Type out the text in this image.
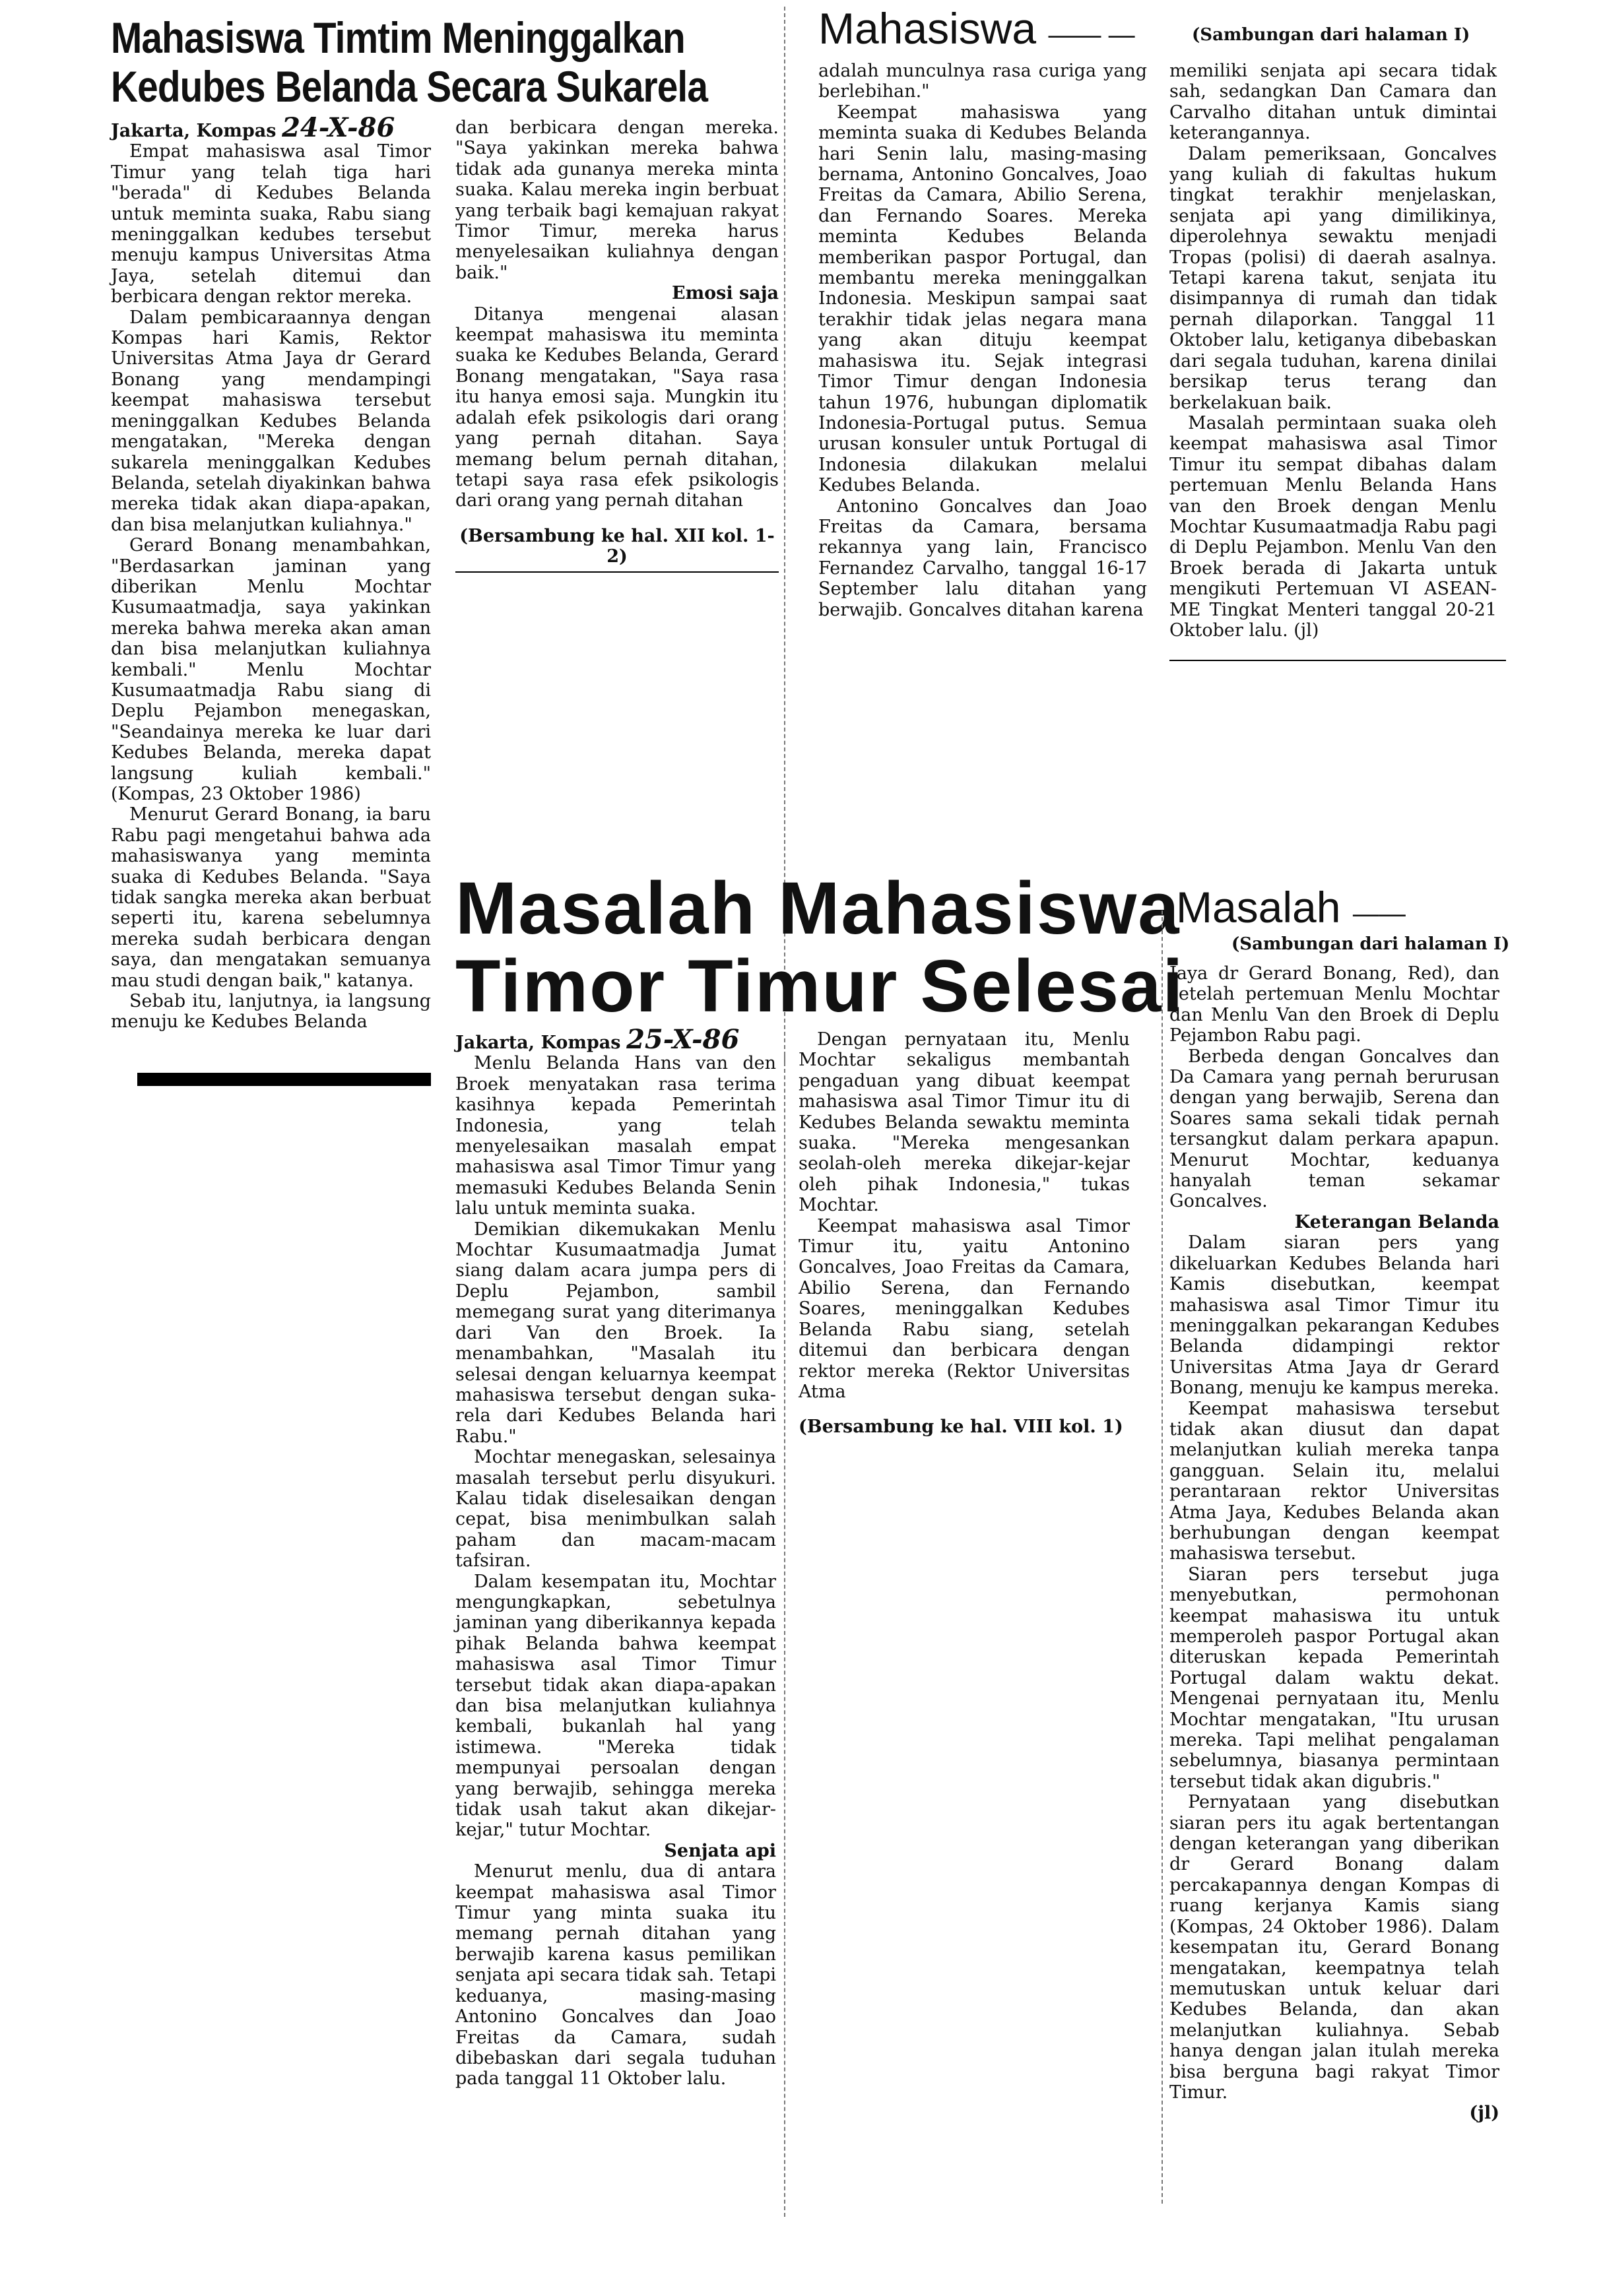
Mahasiswa Timtim Meninggalkan
Kedubes Belanda Secara Sukarela
Jakarta, Kompas 24-X-86

Empat mahasiswa asal Timor Timur yang telah tiga hari "berada" di Kedubes Belanda untuk meminta suaka, Rabu siang meninggalkan kedubes tersebut menuju kampus Universitas Atma Jaya, setelah ditemui dan berbicara dengan rektor mereka.

Dalam pembicaraannya dengan Kompas hari Kamis, Rektor Universitas Atma Jaya dr Gerard Bonang yang mendampingi keempat mahasiswa tersebut meninggalkan Kedubes Belanda mengatakan, "Mereka dengan sukarela meninggalkan Kedubes Belanda, setelah diyakinkan bahwa mereka tidak akan diapa-apakan, dan bisa melanjutkan kuliahnya."

Gerard Bonang menambahkan, "Berdasarkan jaminan yang diberikan Menlu Mochtar Kusumaatmadja, saya yakinkan mereka bahwa mereka akan aman dan bisa melanjutkan kuliahnya kembali." Menlu Mochtar Kusumaatmadja Rabu siang di Deplu Pejambon menegaskan, "Seandainya mereka ke luar dari Kedubes Belanda, mereka dapat langsung kuliah kembali." (Kompas, 23 Oktober 1986)

Menurut Gerard Bonang, ia baru Rabu pagi mengetahui bahwa ada mahasiswanya yang meminta suaka di Kedubes Belanda. "Saya tidak sangka mereka akan berbuat seperti itu, karena sebelumnya mereka sudah berbicara dengan saya, dan mengatakan semuanya mau studi dengan baik," katanya.

Sebab itu, lanjutnya, ia langsung menuju ke Kedubes Belanda

dan berbicara dengan mereka. "Saya yakinkan mereka bahwa tidak ada gunanya mereka minta suaka. Kalau mereka ingin berbuat yang terbaik bagi kemajuan rakyat Timor Timur, mereka harus menyelesaikan kuliahnya dengan baik."

Emosi saja

Ditanya mengenai alasan keempat mahasiswa itu meminta suaka ke Kedubes Belanda, Gerard Bonang mengatakan, "Saya rasa itu hanya emosi saja. Mungkin itu adalah efek psikologis dari orang yang pernah ditahan. Saya memang belum pernah ditahan, tetapi saya rasa efek psikologis dari orang yang pernah ditahan

(Bersambung ke hal. XII kol. 1-2)

Mahasiswa —— —	(Sambungan dari halaman I)

adalah munculnya rasa curiga yang berlebihan."

Keempat mahasiswa yang meminta suaka di Kedubes Belanda hari Senin lalu, masing-masing bernama, Antonino Goncalves, Joao Freitas da Camara, Abilio Serena, dan Fernando Soares. Mereka meminta Kedubes Belanda memberikan paspor Portugal, dan membantu mereka meninggalkan Indonesia. Meskipun sampai saat terakhir tidak jelas negara mana yang akan dituju keempat mahasiswa itu. Sejak integrasi Timor Timur dengan Indonesia tahun 1976, hubungan diplomatik Indonesia-Portugal putus. Semua urusan konsuler untuk Portugal di Indonesia dilakukan melalui Kedubes Belanda.

Antonino Goncalves dan Joao Freitas da Camara, bersama rekannya yang lain, Francisco Fernandez Carvalho, tanggal 16-17 September lalu ditahan yang berwajib. Goncalves ditahan karena

memiliki senjata api secara tidak sah, sedangkan Dan Camara dan Carvalho ditahan untuk dimintai keterangannya.

Dalam pemeriksaan, Goncalves yang kuliah di fakultas hukum tingkat terakhir menjelaskan, senjata api yang dimilikinya, diperolehnya sewaktu menjadi Tropas (polisi) di daerah asalnya. Tetapi karena takut, senjata itu disimpannya di rumah dan tidak pernah dilaporkan. Tanggal 11 Oktober lalu, ketiganya dibebaskan dari segala tuduhan, karena dinilai bersikap terus terang dan berkelakuan baik.

Masalah permintaan suaka oleh keempat mahasiswa asal Timor Timur itu sempat dibahas dalam pertemuan Menlu Belanda Hans van den Broek dengan Menlu Mochtar Kusumaatmadja Rabu pagi di Deplu Pejambon. Menlu Van den Broek berada di Jakarta untuk mengikuti Pertemuan VI ASEAN-ME Tingkat Menteri tanggal 20-21 Oktober lalu. (jl)

Masalah Mahasiswa
Timor Timur Selesai
Jakarta, Kompas 25-X-86

Menlu Belanda Hans van den Broek menyatakan rasa terima kasihnya kepada Pemerintah Indonesia, yang telah menyelesaikan masalah empat mahasiswa asal Timor Timur yang memasuki Kedubes Belanda Senin lalu untuk meminta suaka.

Demikian dikemukakan Menlu Mochtar Kusumaatmadja Jumat siang dalam acara jumpa pers di Deplu Pejambon, sambil memegang surat yang diterimanya dari Van den Broek. Ia menambahkan, "Masalah itu selesai dengan keluarnya keempat mahasiswa tersebut dengan suka-rela dari Kedubes Belanda hari Rabu."

Mochtar menegaskan, selesainya masalah tersebut perlu disyukuri. Kalau tidak diselesaikan dengan cepat, bisa menimbulkan salah paham dan macam-macam tafsiran.

Dalam kesempatan itu, Mochtar mengungkapkan, sebetulnya jaminan yang diberikannya kepada pihak Belanda bahwa keempat mahasiswa asal Timor Timur tersebut tidak akan diapa-apakan dan bisa melanjutkan kuliahnya kembali, bukanlah hal yang istimewa. "Mereka tidak mempunyai persoalan dengan yang berwajib, sehingga mereka tidak usah takut akan dikejar-kejar," tutur Mochtar.

Senjata api

Menurut menlu, dua di antara keempat mahasiswa asal Timor Timur yang minta suaka itu memang pernah ditahan yang berwajib karena kasus pemilikan senjata api secara tidak sah. Tetapi keduanya, masing-masing Antonino Goncalves dan Joao Freitas da Camara, sudah dibebaskan dari segala tuduhan pada tanggal 11 Oktober lalu.

Dengan pernyataan itu, Menlu Mochtar sekaligus membantah pengaduan yang dibuat keempat mahasiswa asal Timor Timur itu di Kedubes Belanda sewaktu meminta suaka. "Mereka mengesankan seolah-oleh mereka dikejar-kejar oleh pihak Indonesia," tukas Mochtar.

Keempat mahasiswa asal Timor Timur itu, yaitu Antonino Goncalves, Joao Freitas da Camara, Abilio Serena, dan Fernando Soares, meninggalkan Kedubes Belanda Rabu siang, setelah ditemui dan berbicara dengan rektor mereka (Rektor Universitas Atma

(Bersambung ke hal. VIII kol. 1)

Masalah ——
(Sambungan dari halaman I)

Jaya dr Gerard Bonang, Red), dan setelah pertemuan Menlu Mochtar dan Menlu Van den Broek di Deplu Pejambon Rabu pagi.

Berbeda dengan Goncalves dan Da Camara yang pernah berurusan dengan yang berwajib, Serena dan Soares sama sekali tidak pernah tersangkut dalam perkara apapun. Menurut Mochtar, keduanya hanyalah teman sekamar Goncalves.

Keterangan Belanda

Dalam siaran pers yang dikeluarkan Kedubes Belanda hari Kamis disebutkan, keempat mahasiswa asal Timor Timur itu meninggalkan pekarangan Kedubes Belanda didampingi rektor Universitas Atma Jaya dr Gerard Bonang, menuju ke kampus mereka.

Keempat mahasiswa tersebut tidak akan diusut dan dapat melanjutkan kuliah mereka tanpa gangguan. Selain itu, melalui perantaraan rektor Universitas Atma Jaya, Kedubes Belanda akan berhubungan dengan keempat mahasiswa tersebut.

Siaran pers tersebut juga menyebutkan, permohonan keempat mahasiswa itu untuk memperoleh paspor Portugal akan diteruskan kepada Pemerintah Portugal dalam waktu dekat. Mengenai pernyataan itu, Menlu Mochtar mengatakan, "Itu urusan mereka. Tapi melihat pengalaman sebelumnya, biasanya permintaan tersebut tidak akan digubris."

Pernyataan yang disebutkan siaran pers itu agak bertentangan dengan keterangan yang diberikan dr Gerard Bonang dalam percakapannya dengan Kompas di ruang kerjanya Kamis siang (Kompas, 24 Oktober 1986). Dalam kesempatan itu, Gerard Bonang mengatakan, keempatnya telah memutuskan untuk keluar dari Kedubes Belanda, dan akan melanjutkan kuliahnya. Sebab hanya dengan jalan itulah mereka bisa berguna bagi rakyat Timor Timur.

(jl)
